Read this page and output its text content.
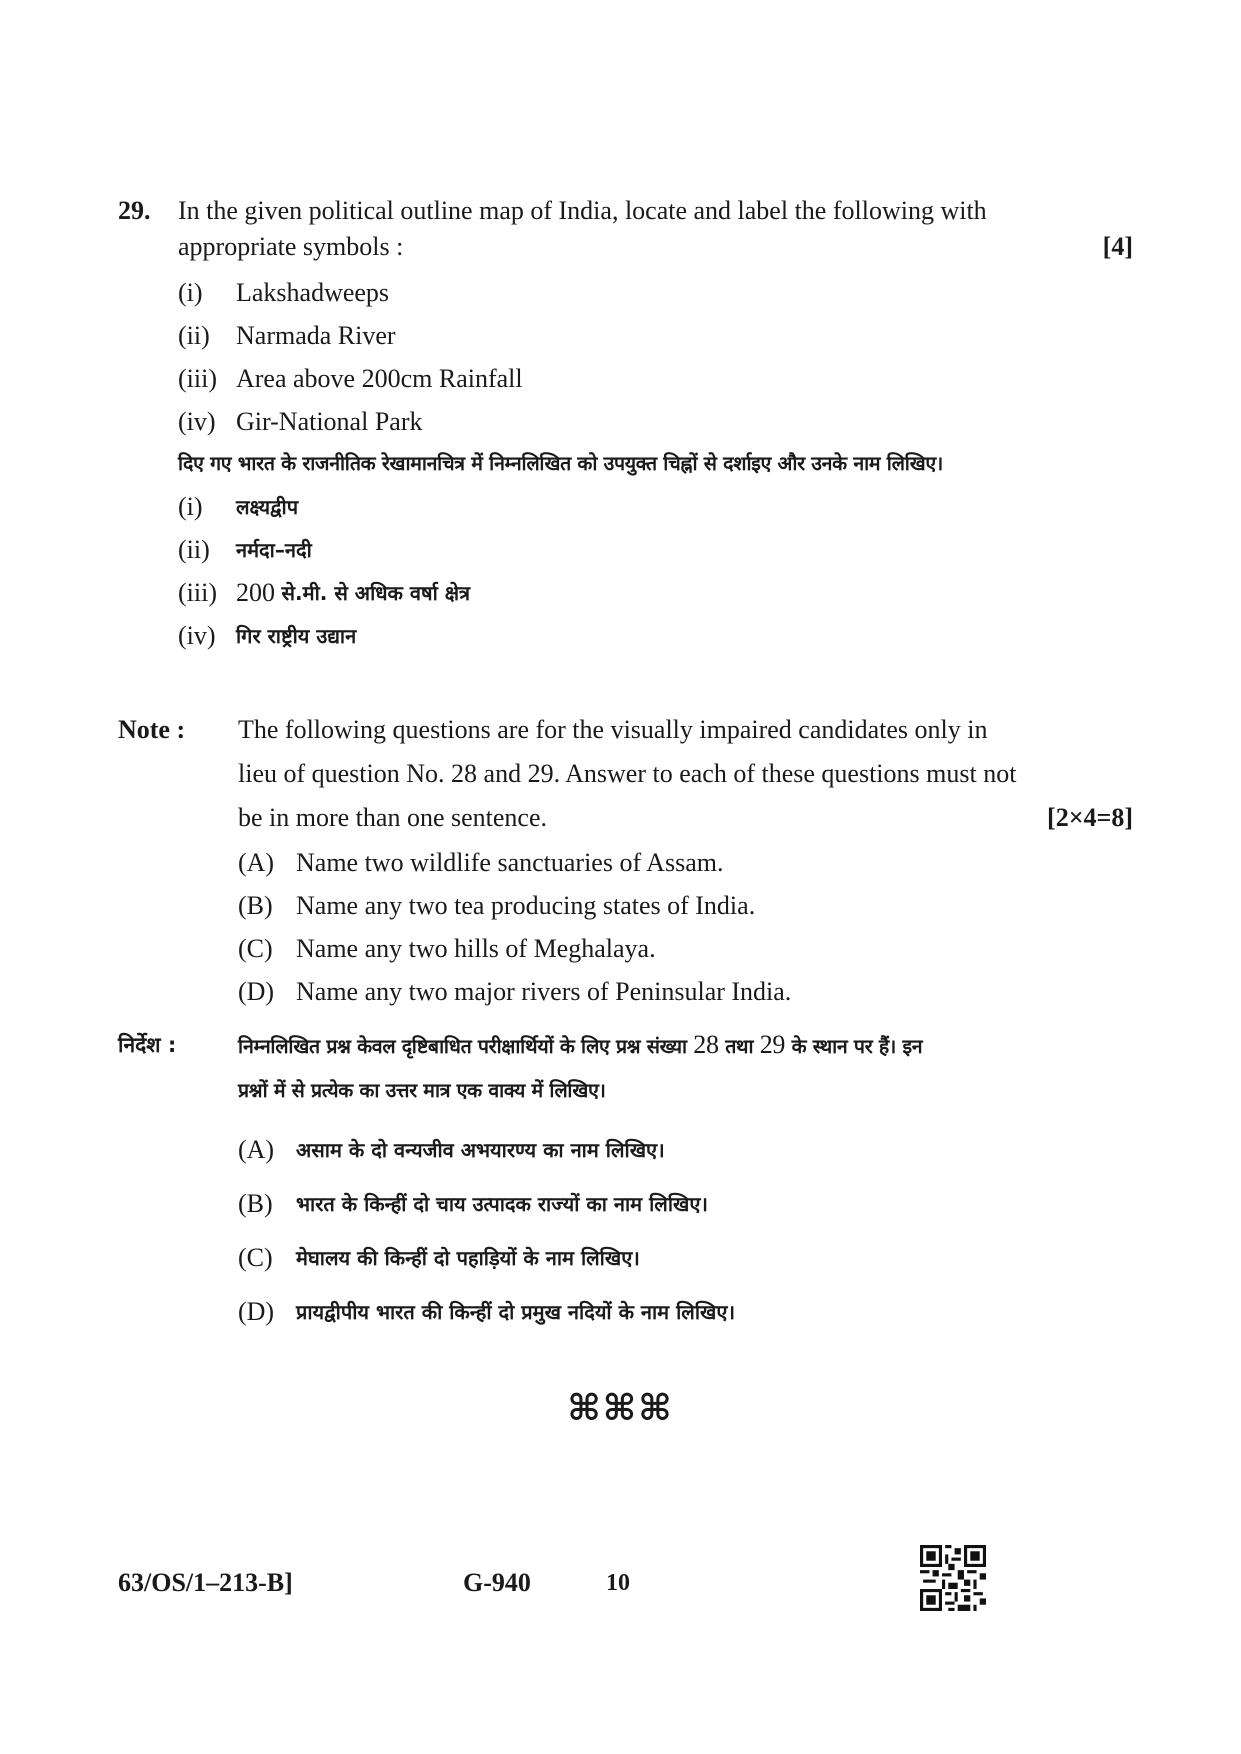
29.	In the given political outline map of India, locate and label the following with
appropriate symbols :	[4]
(i)	Lakshadweeps
(ii)	Narmada River
(iii) Area above 200cm Rainfall
(iv) Gir-National Park
दिए गए भारत के राजनीतिक रेखामानचित्र में निम्नलिखित को उपयुक्त चिह्नों से दर्शाइए और उनके नाम लिखिए।
(i)	लक्ष्यद्वीप
(ii)	नर्मदा–नदी
(iii) 200
से.मी. से अधिक वर्षा क्षेत्र
(iv)	गिर राष्ट्रीय उद्यान
Note :	The following questions are for the visually impaired candidates only in
lieu of question No. 28 and 29. Answer to each of these questions must not
be in more than one sentence.	[2×4=8]
(A) Name two wildlife sanctuaries of Assam.
(B) Name any two tea producing states of India.
(C) Name any two hills of Meghalaya.
(D) Name any two major rivers of Peninsular India.
निर्देश :	निम्नलिखित प्रश्न केवल दृष्टिबाधित परीक्षार्थियों के लिए प्रश्न संख्या 28 तथा 29 के स्थान पर हैं। इन
प्रश्नों में से प्रत्येक का उत्तर मात्र एक वाक्य में लिखिए।
(A)	असाम के दो वन्यजीव अभयारण्य का नाम लिखिए।
(B)	भारत के किन्हीं दो चाय उत्पादक राज्यों का नाम लिखिए।
(C)	मेघालय की किन्हीं दो पहाड़ियों के नाम लिखिए।
(D)	प्रायद्वीपीय भारत की किन्हीं दो प्रमुख नदियों के नाम लिखिए।
⌘⌘⌘
63/OS/1–213-B]	G-940	10
